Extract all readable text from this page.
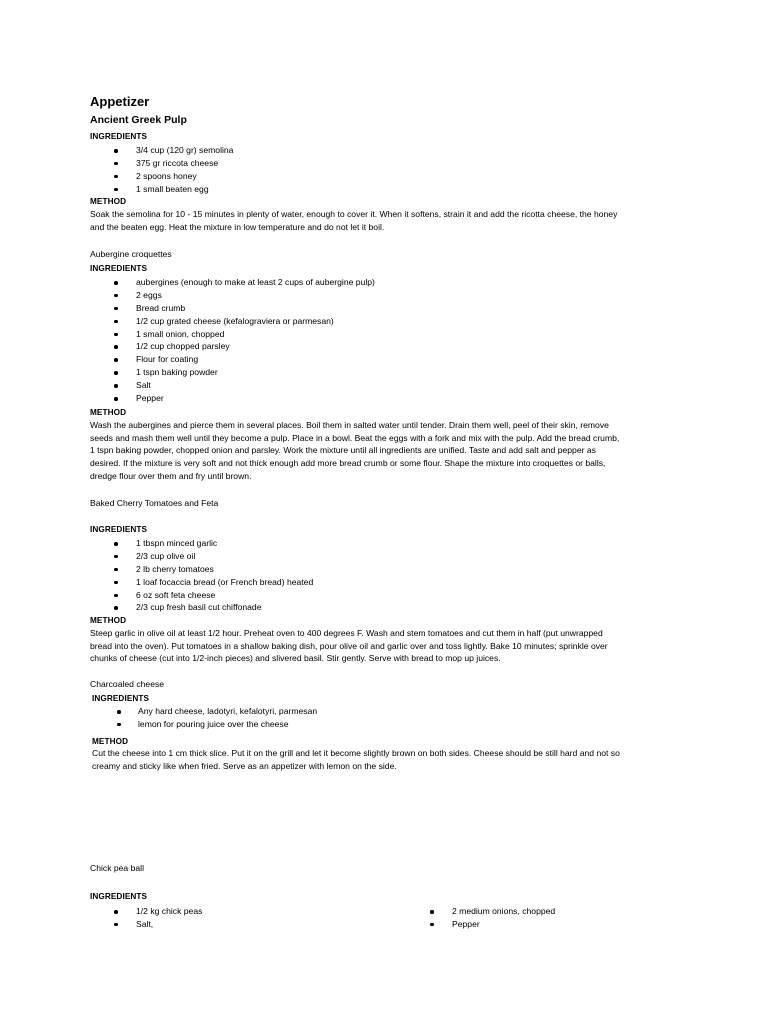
Appetizer
Ancient Greek Pulp
INGREDIENTS
3/4 cup (120 gr) semolina
375 gr riccota cheese
2 spoons honey
1 small beaten egg
METHOD
Soak the semolina for 10 - 15 minutes in plenty of water, enough to cover it. When it softens, strain it and add the ricotta cheese, the honey
and the beaten egg. Heat the mixture in low temperature and do not let it boil.
Aubergine croquettes
INGREDIENTS
aubergines (enough to make at least 2 cups of aubergine pulp)
2 eggs
Bread crumb
1/2 cup grated cheese (kefalograviera or parmesan)
1 small onion, chopped
1/2 cup chopped parsley
Flour for coating
1 tspn baking powder
Salt
Pepper
METHOD
Wash the aubergines and pierce them in several places. Boil them in salted water until tender. Drain them well, peel of their skin, remove
seeds and mash them well until they become a pulp. Place in a bowl. Beat the eggs with a fork and mix with the pulp. Add the bread crumb,
1 tspn baking powder, chopped onion and parsley. Work the mixture until all ingredients are unified. Taste and add salt and pepper as
desired. If the mixture is very soft and not thick enough add more bread crumb or some flour. Shape the mixture into croquettes or balls,
dredge flour over them and fry until brown.
Baked Cherry Tomatoes and Feta
INGREDIENTS
1 tbspn minced garlic
2/3 cup olive oil
2 lb cherry tomatoes
1 loaf focaccia bread (or French bread) heated
6 oz soft feta cheese
2/3 cup fresh basil cut chiffonade
METHOD
Steep garlic in olive oil at least 1/2 hour. Preheat oven to 400 degrees F. Wash and stem tomatoes and cut them in half (put unwrapped
bread into the oven). Put tomatoes in a shallow baking dish, pour olive oil and garlic over and toss lightly. Bake 10 minutes; sprinkle over
chunks of cheese (cut into 1/2-inch pieces) and slivered basil. Stir gently. Serve with bread to mop up juices.
Charcoaled cheese
INGREDIENTS
Any hard cheese, ladotyri, kefalotyri, parmesan
lemon for pouring juice over the cheese
METHOD
Cut the cheese into 1 cm thick slice. Put it on the grill and let it become slightly brown on both sides. Cheese should be still hard and not so
creamy and sticky like when fried. Serve as an appetizer with lemon on the side.
Chick pea ball
INGREDIENTS
1/2 kg chick peas	2 medium onions, chopped
Salt,	Pepper
